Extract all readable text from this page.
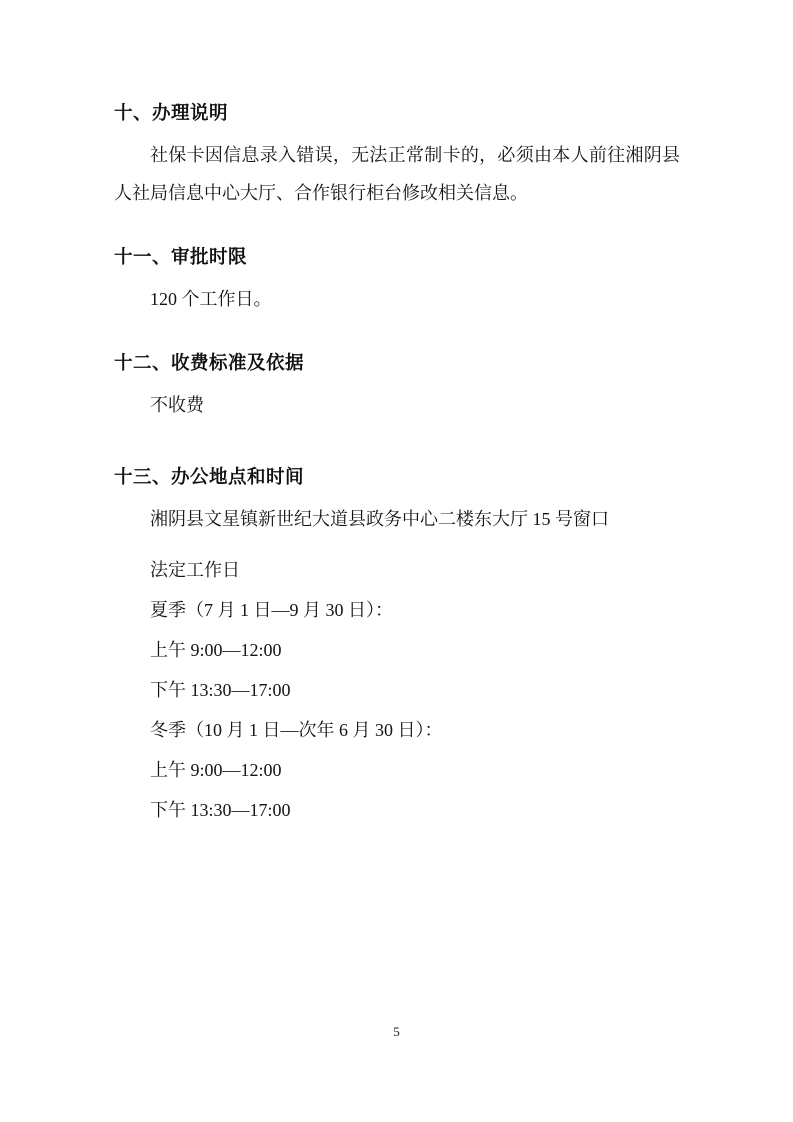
十、办理说明

社保卡因信息录入错误，无法正常制卡的，必须由本人前往湘阴县人社局信息中心大厅、合作银行柜台修改相关信息。

十一、审批时限

120 个工作日。

十二、收费标准及依据

不收费

十三、办公地点和时间

湘阴县文星镇新世纪大道县政务中心二楼东大厅 15 号窗口

法定工作日

夏季（7 月 1 日—9 月 30 日）：

上午 9:00—12:00

下午 13:30—17:00

冬季（10 月 1 日—次年 6 月 30 日）：

上午 9:00—12:00

下午 13:30—17:00

5
